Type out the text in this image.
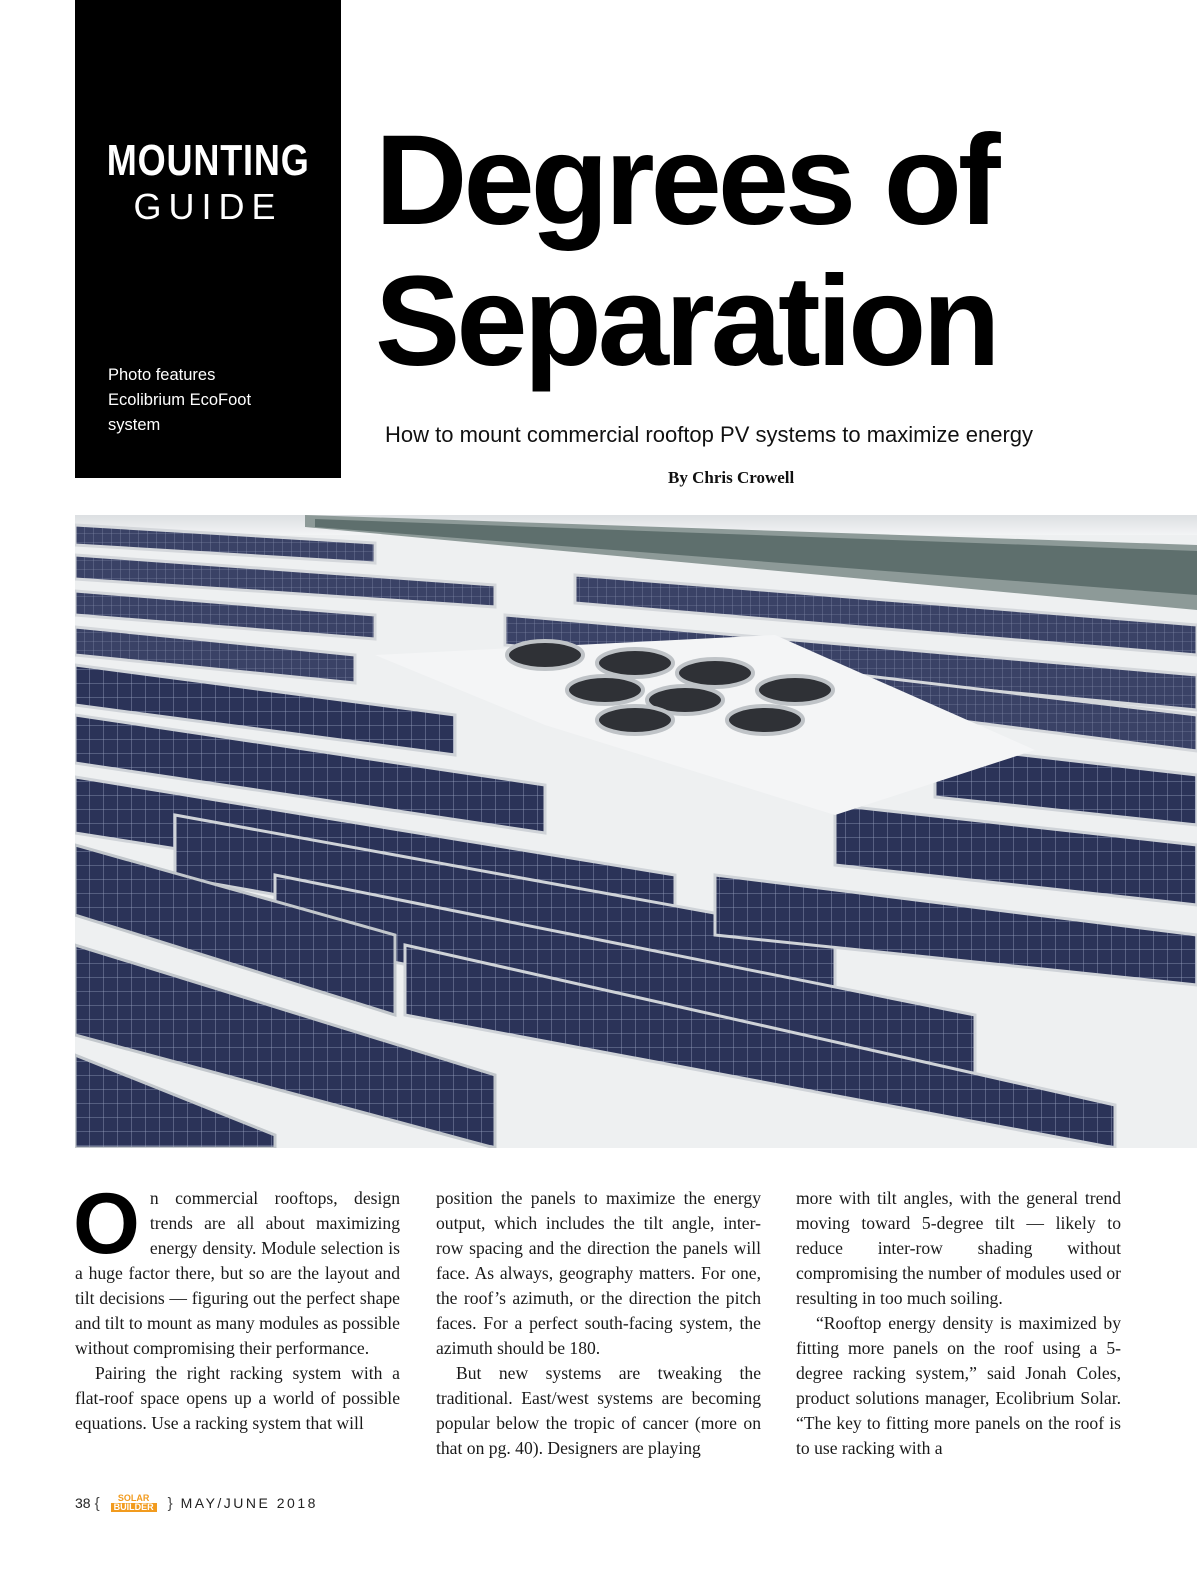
MOUNTING
GUIDE
Photo features
Ecolibrium EcoFoot
system
Degrees of
Separation
How to mount commercial rooftop PV systems to maximize energy
By Chris Crowell

On commercial rooftops, design trends are all about maximizing energy density. Module selection is a huge factor there, but so are the layout and tilt decisions — figuring out the perfect shape and tilt to mount as many modules as possible without compromising their performance.

Pairing the right racking system with a flat-roof space opens up a world of possible equations. Use a racking system that will

position the panels to maximize the energy output, which includes the tilt angle, inter-row spacing and the direction the panels will face. As always, geography matters. For one, the roof’s azimuth, or the direction the pitch faces. For a perfect south-facing system, the azimuth should be 180.

But new systems are tweaking the traditional. East/west systems are becoming popular below the tropic of cancer (more on that on pg. 40). Designers are playing

more with tilt angles, with the general trend moving toward 5-degree tilt — likely to reduce inter-row shading without compromising the number of modules used or resulting in too much soiling.

“Rooftop energy density is maximized by fitting more panels on the roof using a 5-degree racking system,” said Jonah Coles, product solutions manager, Ecolibrium Solar. “The key to fitting more panels on the roof is to use racking with a

38 { SOLAR
BUILDER } MAY/JUNE 2018
